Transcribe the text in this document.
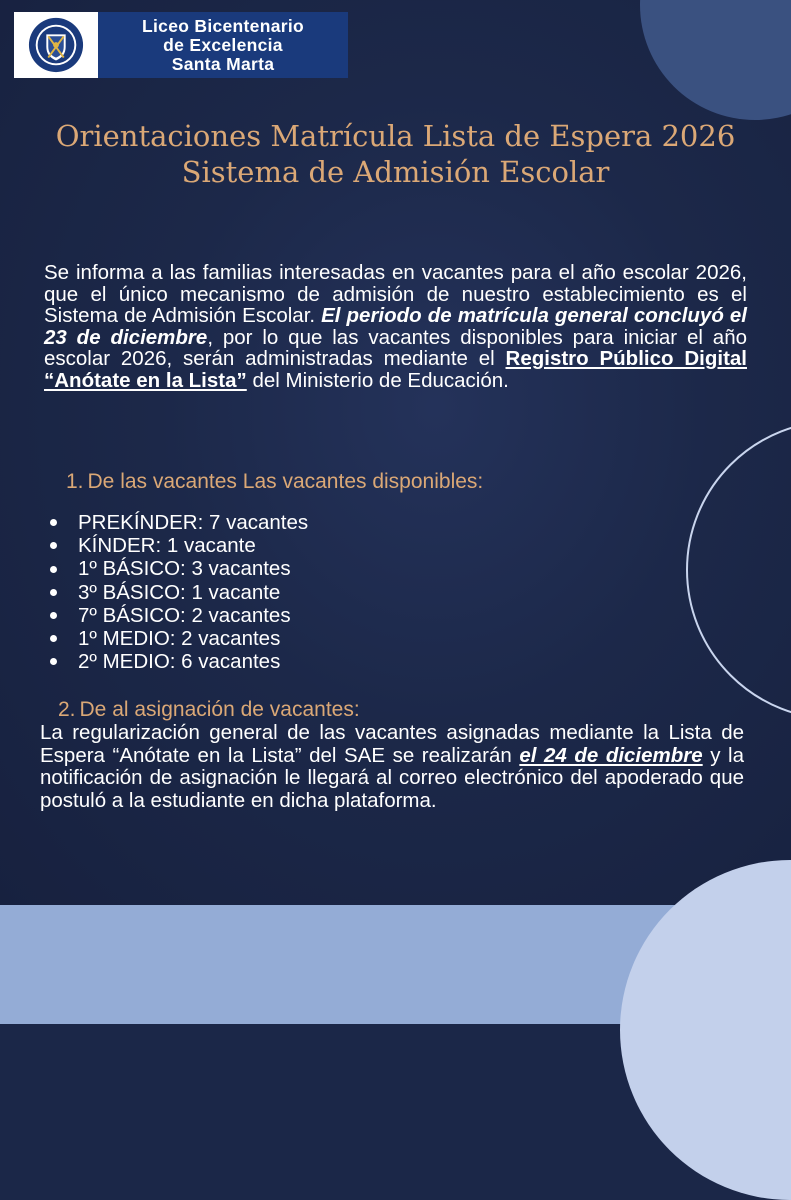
Liceo Bicentenario
de Excelencia
Santa Marta
Orientaciones Matrícula Lista de Espera 2026
Sistema de Admisión Escolar

Se informa a las familias interesadas en vacantes para el año escolar 2026, que el único mecanismo de admisión de nuestro establecimiento es el Sistema de Admisión Escolar. El periodo de matrícula general concluyó el 23 de diciembre, por lo que las vacantes disponibles para iniciar el año escolar 2026, serán administradas mediante el Registro Público Digital “Anótate en la Lista” del Ministerio de Educación.

1. De las vacantes Las vacantes disponibles:
PREKÍNDER: 7 vacantes
KÍNDER: 1 vacante
1º BÁSICO: 3 vacantes
3º BÁSICO: 1 vacante
7º BÁSICO: 2 vacantes
1º MEDIO: 2 vacantes
2º MEDIO: 6 vacantes
2. De al asignación de vacantes:

La regularización general de las vacantes asignadas mediante la Lista de Espera “Anótate en la Lista” del SAE se realizarán el 24 de diciembre y la notificación de asignación le llegará al correo electrónico del apoderado que postuló a la estudiante en dicha plataforma.
